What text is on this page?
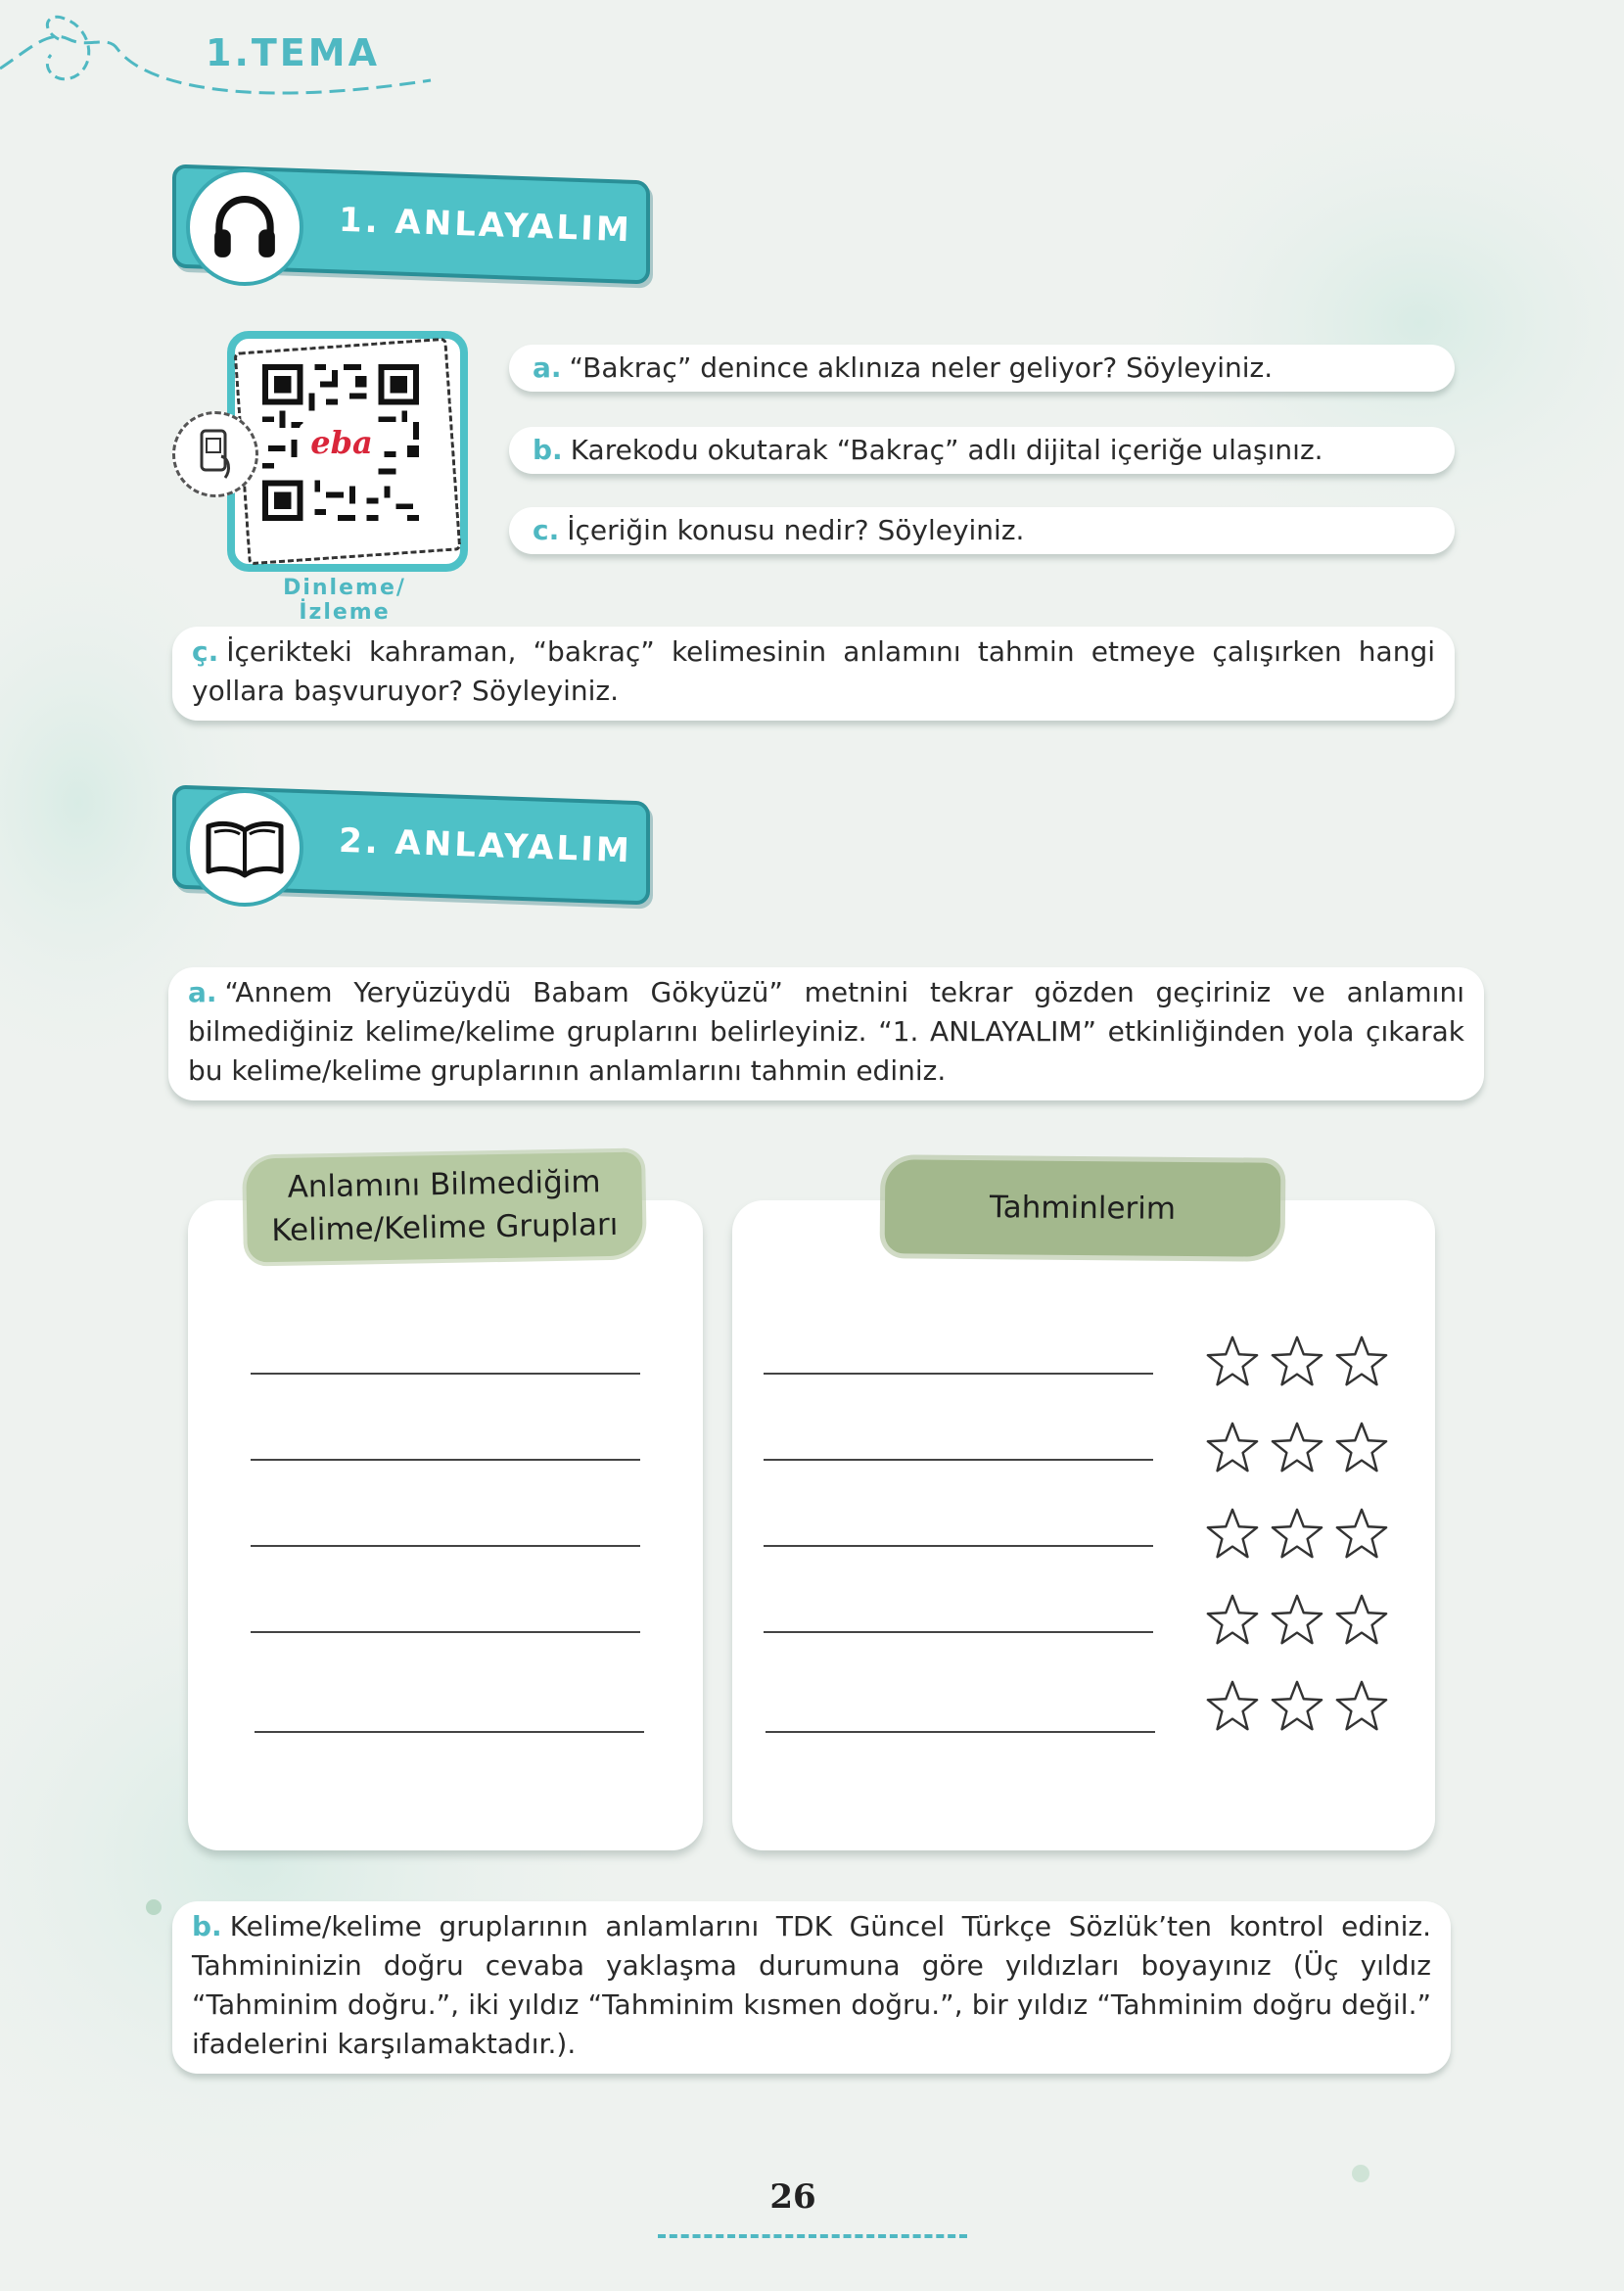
1.TEMA
1. ANLAYALIM
eba
Dinleme/İzleme
a. “Bakraç” denince aklınıza neler geliyor? Söyleyiniz.
b. Karekodu okutarak “Bakraç” adlı dijital içeriğe ulaşınız.
c. İçeriğin konusu nedir? Söyleyiniz.
ç. İçerikteki kahraman, “bakraç” kelimesinin anlamını tahmin etmeye çalışırken hangi yollara başvuruyor? Söyleyiniz.
2. ANLAYALIM
a. “Annem Yeryüzüydü Babam Gökyüzü” metnini tekrar gözden geçiriniz ve anlamını bilmediğiniz kelime/kelime gruplarını belirleyiniz. “1. ANLAYALIM” etkinliğinden yola çıkarak bu kelime/kelime gruplarının anlamlarını tahmin ediniz.
Anlamını Bilmediğim
Kelime/Kelime Grupları	Tahminlerim
b. Kelime/kelime gruplarının anlamlarını TDK Güncel Türkçe Sözlük’ten kontrol ediniz. Tahmininizin doğru cevaba yaklaşma durumuna göre yıldızları boyayınız (Üç yıldız “Tahminim doğru.”, iki yıldız “Tahminim kısmen doğru.”, bir yıldız “Tahminim doğru değil.” ifadelerini karşılamaktadır.).
26
